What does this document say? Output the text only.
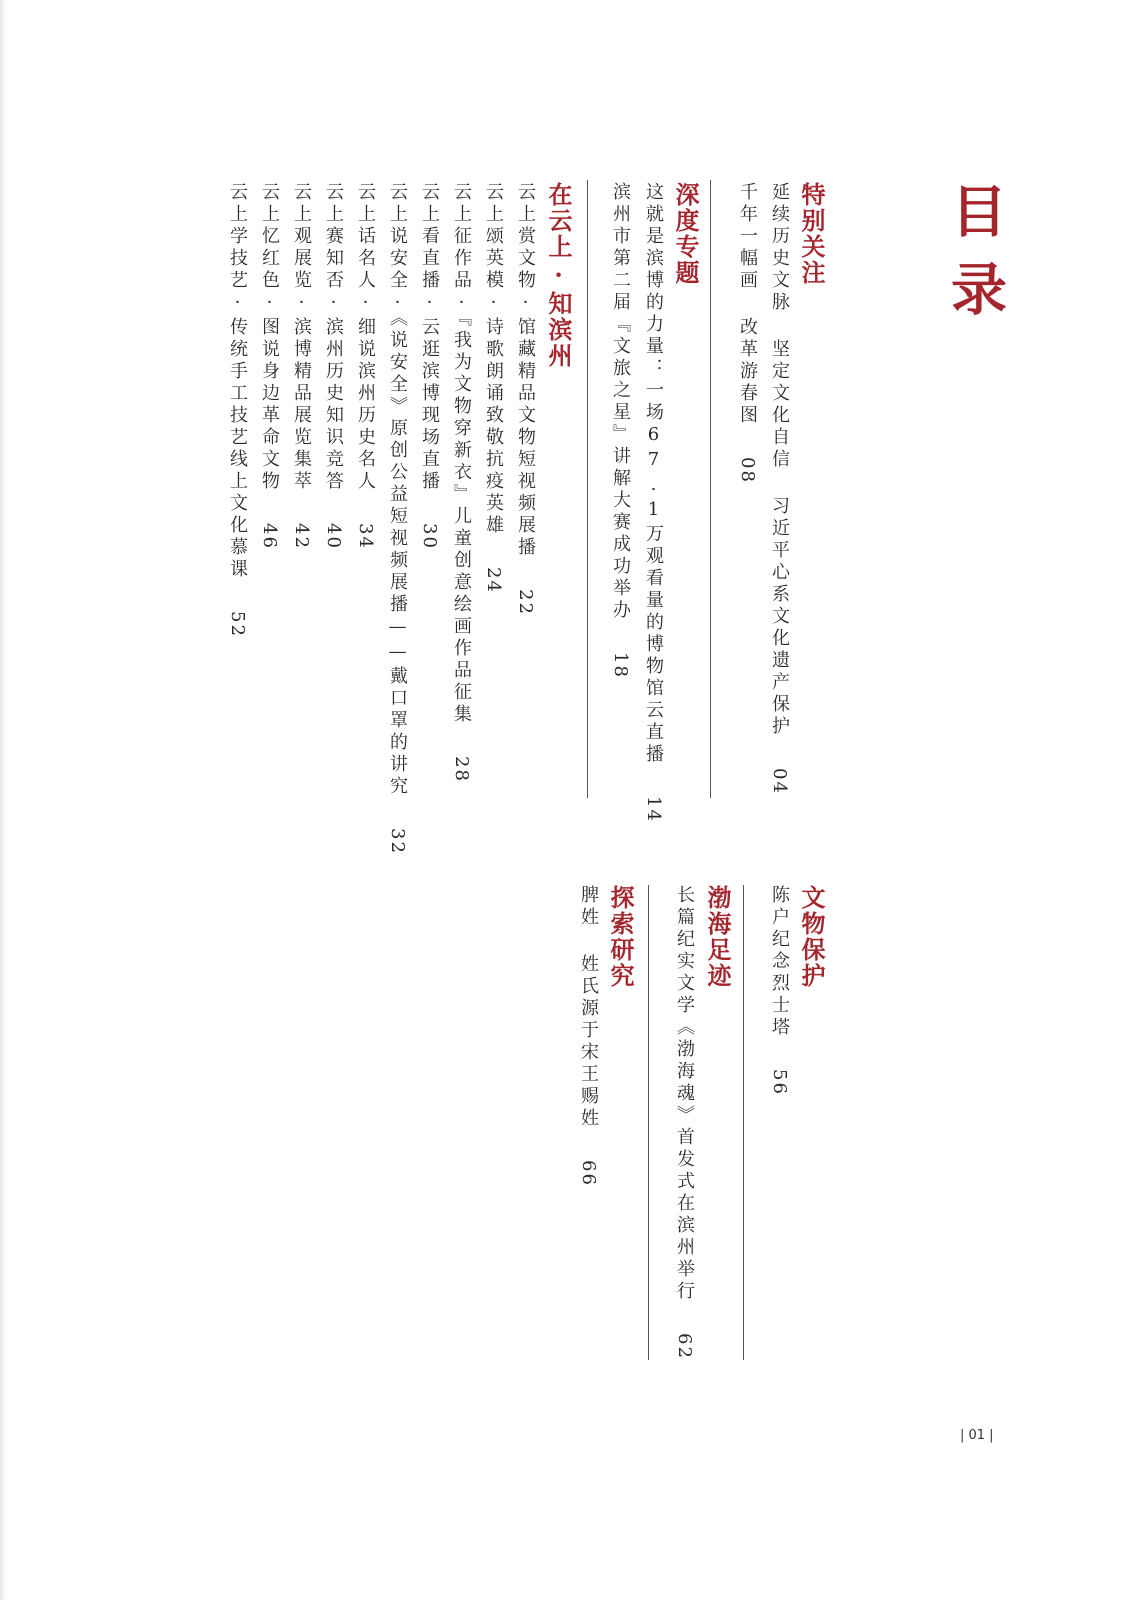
目录
特别关注
延续历史文脉 坚定文化自信 习近平心系文化遗产保护04
千年一幅画 改革游春图08
深度专题
这就是滨博的力量：一场67.1万观看量的博物馆云直播14
滨州市第二届『文旅之星』讲解大赛成功举办18
在云上·知滨州
云上赏文物·馆藏精品文物短视频展播22
云上颂英模·诗歌朗诵致敬抗疫英雄24
云上征作品·『我为文物穿新衣』儿童创意绘画作品征集28
云上看直播·云逛滨博现场直播30
云上说安全·《说安全》原创公益短视频展播——戴口罩的讲究32
云上话名人·细说滨州历史名人34
云上赛知否·滨州历史知识竞答40
云上观展览·滨博精品展览集萃42
云上忆红色·图说身边革命文物46
云上学技艺·传统手工技艺线上文化慕课52
文物保护
陈户纪念烈士塔56
渤海足迹
长篇纪实文学《渤海魂》首发式在滨州举行62
探索研究
脾姓 姓氏源于宋王赐姓66
| 01 |
